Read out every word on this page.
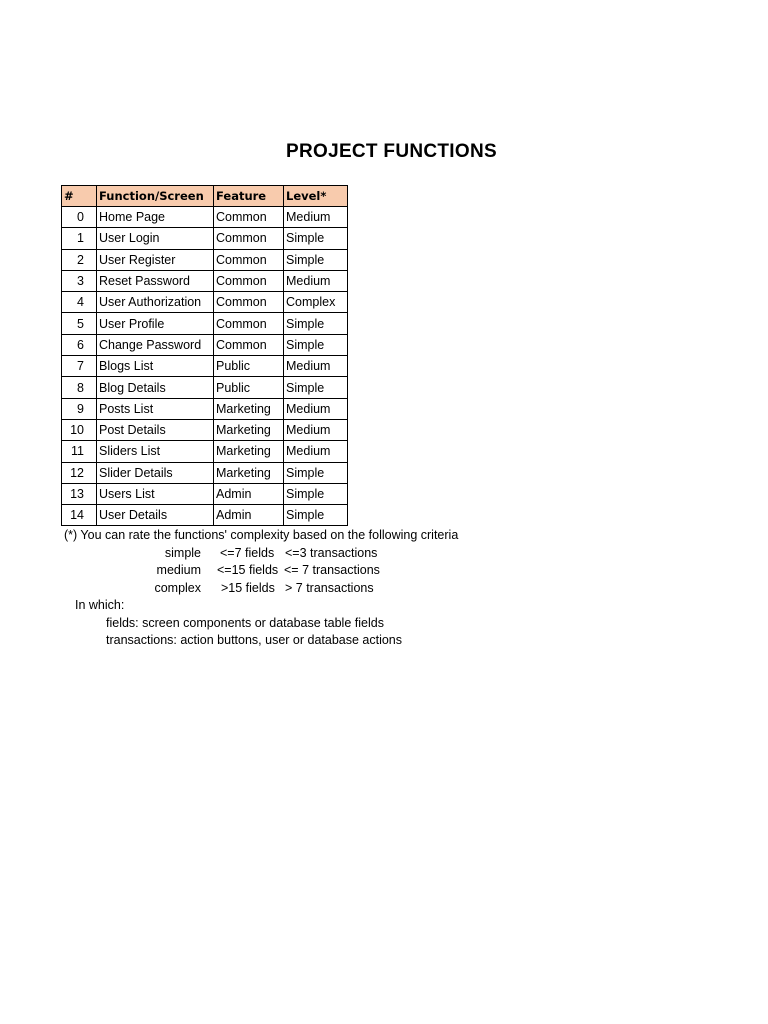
PROJECT FUNCTIONS
#	Function/Screen	Feature	Level*
0	Home Page	Common	Medium
1	User Login	Common	Simple
2	User Register	Common	Simple
3	Reset Password	Common	Medium
4	User Authorization	Common	Complex
5	User Profile	Common	Simple
6	Change Password	Common	Simple
7	Blogs List	Public	Medium
8	Blog Details	Public	Simple
9	Posts List	Marketing	Medium
10	Post Details	Marketing	Medium
11	Sliders List	Marketing	Medium
12	Slider Details	Marketing	Simple
13	Users List	Admin	Simple
14	User Details	Admin	Simple
(*) You can rate the functions' complexity based on the following criteria
simple <=7 fields <=3 transactions
medium <=15 fields <= 7 transactions
complex >15 fields > 7 transactions
In which:
fields: screen components or database table fields
transactions: action buttons, user or database actions
